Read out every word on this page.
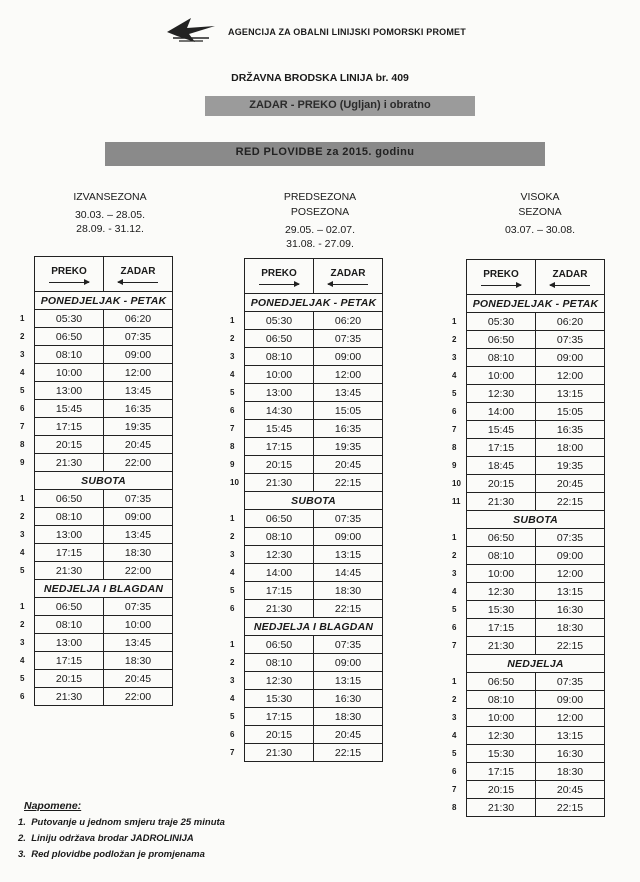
AGENCIJA ZA OBALNI LINIJSKI POMORSKI PROMET
DRŽAVNA BRODSKA LINIJA br. 409
ZADAR - PREKO (Ugljan) i obratno
RED PLOVIDBE za 2015. godinu
IZVANSEZONA
30.03. – 28.05.
28.09. - 31.12.

	PREKO	ZADAR

	PONEDJELJAK - PETAK	
1	05:30	06:20
2	06:50	07:35
3	08:10	09:00
4	10:00	12:00
5	13:00	13:45
6	15:45	16:35
7	17:15	19:35
8	20:15	20:45
9	21:30	22:00
	SUBOTA	
1	06:50	07:35
2	08:10	09:00
3	13:00	13:45
4	17:15	18:30
5	21:30	22:00
	NEDJELJA I BLAGDAN	
1	06:50	07:35
2	08:10	10:00
3	13:00	13:45
4	17:15	18:30
5	20:15	20:45
6	21:30	22:00
PREDSEZONA
POSEZONA
29.05. – 02.07.
31.08. - 27.09.

	PREKO	ZADAR

	PONEDJELJAK - PETAK	
1	05:30	06:20
2	06:50	07:35
3	08:10	09:00
4	10:00	12:00
5	13:00	13:45
6	14:30	15:05
7	15:45	16:35
8	17:15	19:35
9	20:15	20:45
10	21:30	22:15
	SUBOTA	
1	06:50	07:35
2	08:10	09:00
3	12:30	13:15
4	14:00	14:45
5	17:15	18:30
6	21:30	22:15
	NEDJELJA I BLAGDAN	
1	06:50	07:35
2	08:10	09:00
3	12:30	13:15
4	15:30	16:30
5	17:15	18:30
6	20:15	20:45
7	21:30	22:15
VISOKA
SEZONA
03.07. – 30.08.

	PREKO	ZADAR

	PONEDJELJAK - PETAK	
1	05:30	06:20
2	06:50	07:35
3	08:10	09:00
4	10:00	12:00
5	12:30	13:15
6	14:00	15:05
7	15:45	16:35
8	17:15	18:00
9	18:45	19:35
10	20:15	20:45
11	21:30	22:15
	SUBOTA	
1	06:50	07:35
2	08:10	09:00
3	10:00	12:00
4	12:30	13:15
5	15:30	16:30
6	17:15	18:30
7	21:30	22:15
	NEDJELJA	
1	06:50	07:35
2	08:10	09:00
3	10:00	12:00
4	12:30	13:15
5	15:30	16:30
6	17:15	18:30
7	20:15	20:45
8	21:30	22:15
Napomene:
1.  Putovanje u jednom smjeru traje 25 minuta
2.  Liniju održava brodar JADROLINIJA
3.  Red plovidbe podložan je promjenama
